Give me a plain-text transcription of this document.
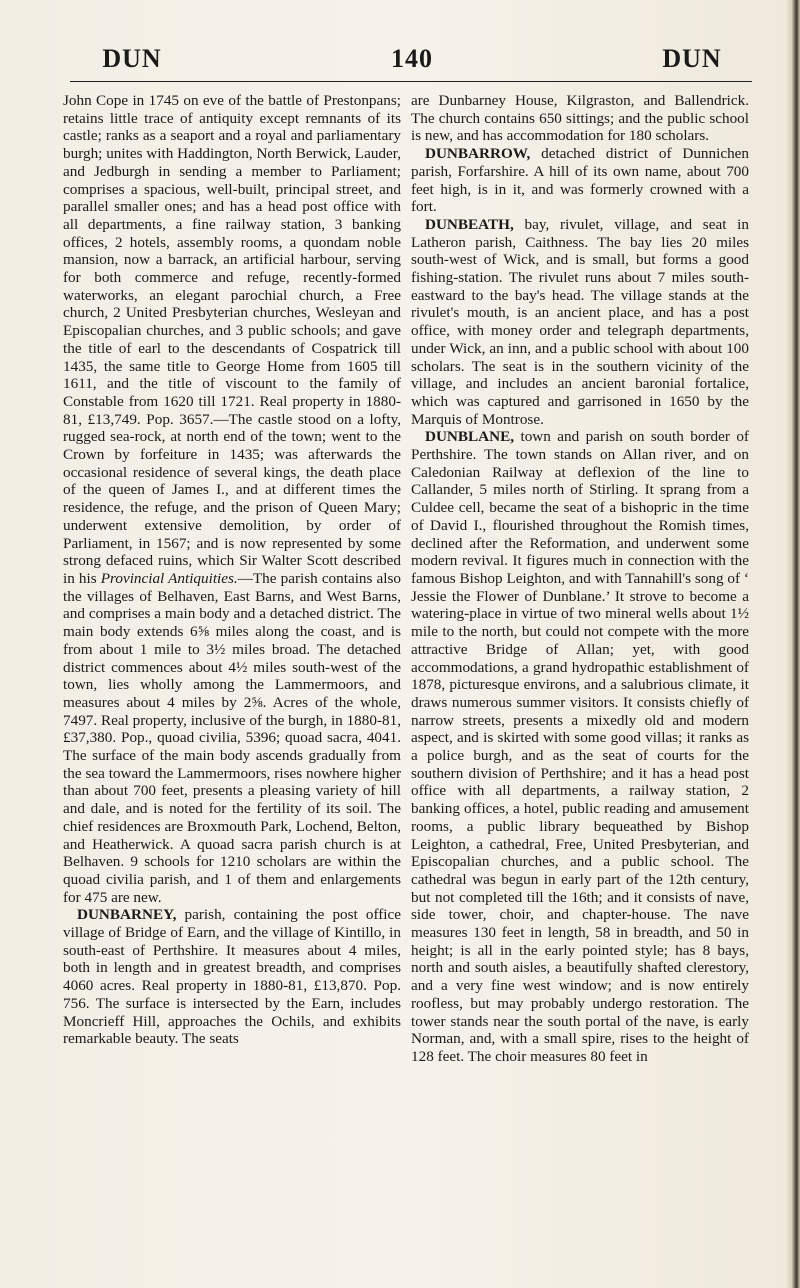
DUN	140	DUN

John Cope in 1745 on eve of the battle of Prestonpans; retains little trace of antiquity except remnants of its castle; ranks as a seaport and a royal and parliamentary burgh; unites with Haddington, North Berwick, Lauder, and Jedburgh in sending a member to Parliament; comprises a spacious, well-built, principal street, and parallel smaller ones; and has a head post office with all departments, a fine railway station, 3 banking offices, 2 hotels, assembly rooms, a quondam noble mansion, now a barrack, an artificial harbour, serving for both commerce and refuge, recently-formed waterworks, an elegant parochial church, a Free church, 2 United Presbyterian churches, Wesleyan and Episcopalian churches, and 3 public schools; and gave the title of earl to the descendants of Cospatrick till 1435, the same title to George Home from 1605 till 1611, and the title of viscount to the family of Constable from 1620 till 1721. Real property in 1880-81, £13,749. Pop. 3657.—The castle stood on a lofty, rugged sea-rock, at north end of the town; went to the Crown by forfeiture in 1435; was afterwards the occasional residence of several kings, the death place of the queen of James I., and at different times the residence, the refuge, and the prison of Queen Mary; underwent extensive demolition, by order of Parliament, in 1567; and is now represented by some strong defaced ruins, which Sir Walter Scott described in his Provincial Antiquities.—The parish contains also the villages of Belhaven, East Barns, and West Barns, and comprises a main body and a detached district. The main body extends 6⅝ miles along the coast, and is from about 1 mile to 3½ miles broad. The detached district commences about 4½ miles south-west of the town, lies wholly among the Lammermoors, and measures about 4 miles by 2⅝. Acres of the whole, 7497. Real property, inclusive of the burgh, in 1880-81, £37,380. Pop., quoad civilia, 5396; quoad sacra, 4041. The surface of the main body ascends gradually from the sea toward the Lammermoors, rises nowhere higher than about 700 feet, presents a pleasing variety of hill and dale, and is noted for the fertility of its soil. The chief residences are Broxmouth Park, Lochend, Belton, and Heatherwick. A quoad sacra parish church is at Belhaven. 9 schools for 1210 scholars are within the quoad civilia parish, and 1 of them and enlargements for 475 are new.

DUNBARNEY, parish, containing the post office village of Bridge of Earn, and the village of Kintillo, in south-east of Perthshire. It measures about 4 miles, both in length and in greatest breadth, and comprises 4060 acres. Real property in 1880-81, £13,870. Pop. 756. The surface is intersected by the Earn, includes Moncrieff Hill, approaches the Ochils, and exhibits remarkable beauty. The seats

are Dunbarney House, Kilgraston, and Ballendrick. The church contains 650 sittings; and the public school is new, and has accommodation for 180 scholars.

DUNBARROW, detached district of Dunnichen parish, Forfarshire. A hill of its own name, about 700 feet high, is in it, and was formerly crowned with a fort.

DUNBEATH, bay, rivulet, village, and seat in Latheron parish, Caithness. The bay lies 20 miles south-west of Wick, and is small, but forms a good fishing-station. The rivulet runs about 7 miles south-eastward to the bay's head. The village stands at the rivulet's mouth, is an ancient place, and has a post office, with money order and telegraph departments, under Wick, an inn, and a public school with about 100 scholars. The seat is in the southern vicinity of the village, and includes an ancient baronial fortalice, which was captured and garrisoned in 1650 by the Marquis of Montrose.

DUNBLANE, town and parish on south border of Perthshire. The town stands on Allan river, and on Caledonian Railway at deflexion of the line to Callander, 5 miles north of Stirling. It sprang from a Culdee cell, became the seat of a bishopric in the time of David I., flourished throughout the Romish times, declined after the Reformation, and underwent some modern revival. It figures much in connection with the famous Bishop Leighton, and with Tannahill's song of ‘ Jessie the Flower of Dunblane.’ It strove to become a watering-place in virtue of two mineral wells about 1½ mile to the north, but could not compete with the more attractive Bridge of Allan; yet, with good accommodations, a grand hydropathic establishment of 1878, picturesque environs, and a salubrious climate, it draws numerous summer visitors. It consists chiefly of narrow streets, presents a mixedly old and modern aspect, and is skirted with some good villas; it ranks as a police burgh, and as the seat of courts for the southern division of Perthshire; and it has a head post office with all departments, a railway station, 2 banking offices, a hotel, public reading and amusement rooms, a public library bequeathed by Bishop Leighton, a cathedral, Free, United Presbyterian, and Episcopalian churches, and a public school. The cathedral was begun in early part of the 12th century, but not completed till the 16th; and it consists of nave, side tower, choir, and chapter-house. The nave measures 130 feet in length, 58 in breadth, and 50 in height; is all in the early pointed style; has 8 bays, north and south aisles, a beautifully shafted clerestory, and a very fine west window; and is now entirely roofless, but may probably undergo restoration. The tower stands near the south portal of the nave, is early Norman, and, with a small spire, rises to the height of 128 feet. The choir measures 80 feet in
